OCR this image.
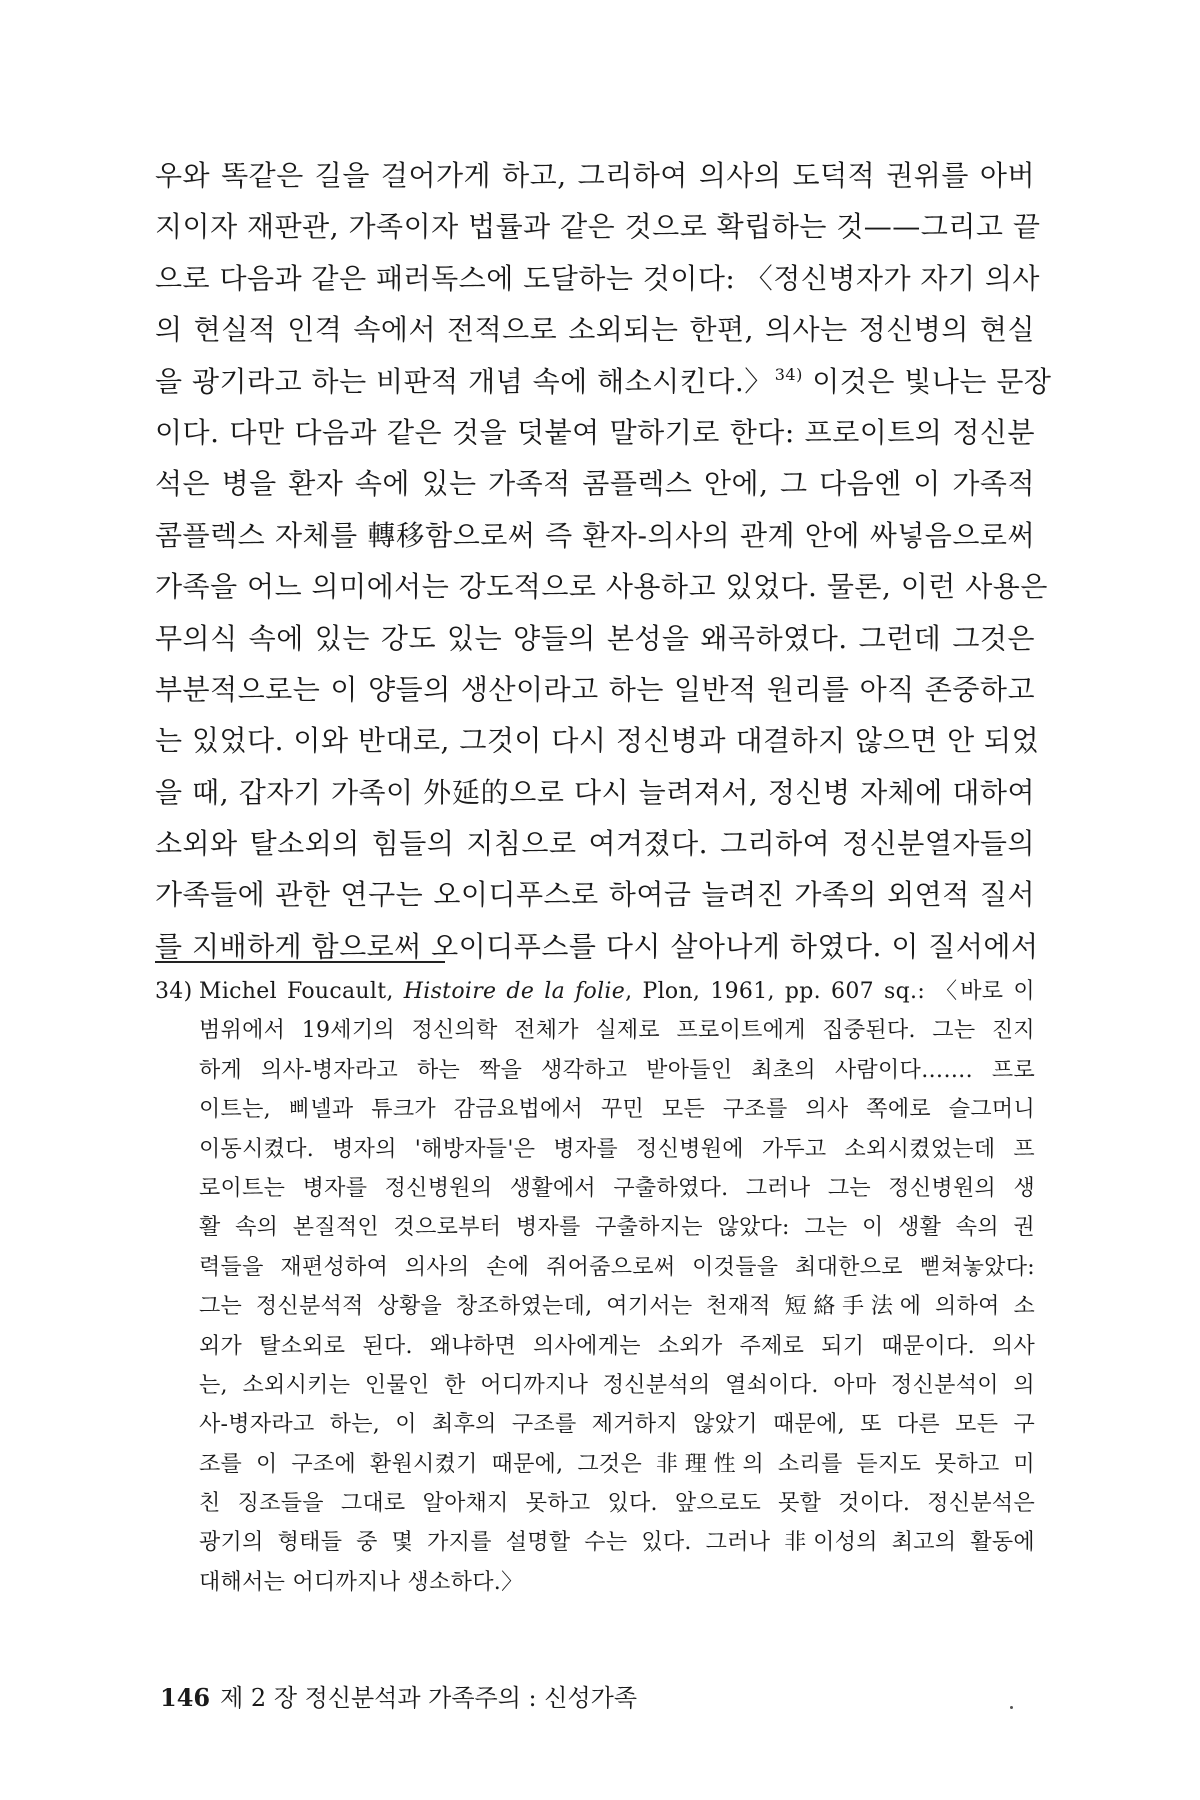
우와 똑같은 길을 걸어가게 하고, 그리하여 의사의 도덕적 권위를 아버
지이자 재판관, 가족이자 법률과 같은 것으로 확립하는 것——그리고 끝
으로 다음과 같은 패러독스에 도달하는 것이다: 〈정신병자가 자기 의사
의 현실적 인격 속에서 전적으로 소외되는 한편, 의사는 정신병의 현실
을 광기라고 하는 비판적 개념 속에 해소시킨다.〉 $^{34)}$ 이것은 빛나는 문장
이다. 다만 다음과 같은 것을 덧붙여 말하기로 한다: 프로이트의 정신분
석은 병을 환자 속에 있는 가족적 콤플렉스 안에, 그 다음엔 이 가족적
콤플렉스 자체를 轉移함으로써 즉 환자-의사의 관계 안에 싸넣음으로써
가족을 어느 의미에서는 강도적으로 사용하고 있었다. 물론, 이런 사용은
무의식 속에 있는 강도 있는 양들의 본성을 왜곡하였다. 그런데 그것은
부분적으로는 이 양들의 생산이라고 하는 일반적 원리를 아직 존중하고
는 있었다. 이와 반대로, 그것이 다시 정신병과 대결하지 않으면 안 되었
을 때, 갑자기 가족이 外延的으로 다시 늘려져서, 정신병 자체에 대하여
소외와 탈소외의 힘들의 지침으로 여겨졌다. 그리하여 정신분열자들의
가족들에 관한 연구는 오이디푸스로 하여금 늘려진 가족의 외연적 질서
를 지배하게 함으로써 오이디푸스를 다시 살아나게 하였다. 이 질서에서
34) Michel Foucault, Histoire de la folie, Plon, 1961, pp. 607 sq.: 〈바로 이
범위에서 19세기의 정신의학 전체가 실제로 프로이트에게 집중된다. 그는 진지
하게 의사-병자라고 하는 짝을 생각하고 받아들인 최초의 사람이다……. 프로
이트는, 삐넬과 튜크가 감금요법에서 꾸민 모든 구조를 의사 쪽에로 슬그머니
이동시켰다. 병자의 '해방자들'은 병자를 정신병원에 가두고 소외시켰었는데 프
로이트는 병자를 정신병원의 생활에서 구출하였다. 그러나 그는 정신병원의 생
활 속의 본질적인 것으로부터 병자를 구출하지는 않았다: 그는 이 생활 속의 권
력들을 재편성하여 의사의 손에 쥐어줌으로써 이것들을 최대한으로 뻗쳐놓았다:
그는 정신분석적 상황을 창조하였는데, 여기서는 천재적 短絡手法에 의하여 소
외가 탈소외로 된다. 왜냐하면 의사에게는 소외가 주제로 되기 때문이다. 의사
는, 소외시키는 인물인 한 어디까지나 정신분석의 열쇠이다. 아마 정신분석이 의
사-병자라고 하는, 이 최후의 구조를 제거하지 않았기 때문에, 또 다른 모든 구
조를 이 구조에 환원시켰기 때문에, 그것은 非理性의 소리를 듣지도 못하고 미
친 징조들을 그대로 알아채지 못하고 있다. 앞으로도 못할 것이다. 정신분석은
광기의 형태들 중 몇 가지를 설명할 수는 있다. 그러나 非이성의 최고의 활동에
대해서는 어디까지나 생소하다.〉
146 제 2 장 정신분석과 가족주의 : 신성가족
